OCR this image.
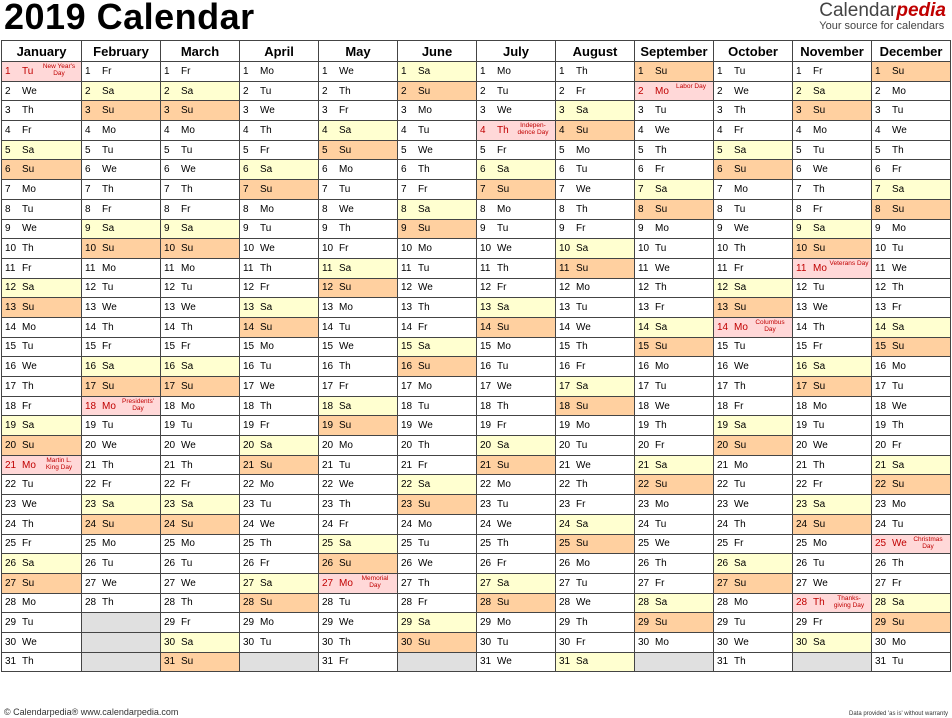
2019 Calendar	Calendarpedia
Your source for calendars
January	February	March	April	May	June	July	August	September	October	November	December
1 Tu New Year's Day	1 Fr	1 Fr	1 Mo	1 We	1 Sa	1 Mo	1 Th	1 Su	1 Tu	1 Fr	1 Su
2 We	2 Sa	2 Sa	2 Tu	2 Th	2 Su	2 Tu	2 Fr	2 Mo Labor Day	2 We	2 Sa	2 Mo
3 Th	3 Su	3 Su	3 We	3 Fr	3 Mo	3 We	3 Sa	3 Tu	3 Th	3 Su	3 Tu
4 Fr	4 Mo	4 Mo	4 Th	4 Sa	4 Tu	4 Th Indepen-dence Day	4 Su	4 We	4 Fr	4 Mo	4 We
5 Sa	5 Tu	5 Tu	5 Fr	5 Su	5 We	5 Fr	5 Mo	5 Th	5 Sa	5 Tu	5 Th
6 Su	6 We	6 We	6 Sa	6 Mo	6 Th	6 Sa	6 Tu	6 Fr	6 Su	6 We	6 Fr
7 Mo	7 Th	7 Th	7 Su	7 Tu	7 Fr	7 Su	7 We	7 Sa	7 Mo	7 Th	7 Sa
8 Tu	8 Fr	8 Fr	8 Mo	8 We	8 Sa	8 Mo	8 Th	8 Su	8 Tu	8 Fr	8 Su
9 We	9 Sa	9 Sa	9 Tu	9 Th	9 Su	9 Tu	9 Fr	9 Mo	9 We	9 Sa	9 Mo
10 Th	10 Su	10 Su	10 We	10 Fr	10 Mo	10 We	10 Sa	10 Tu	10 Th	10 Su	10 Tu
11 Fr	11 Mo	11 Mo	11 Th	11 Sa	11 Tu	11 Th	11 Su	11 We	11 Fr	11 Mo Veterans Day	11 We
12 Sa	12 Tu	12 Tu	12 Fr	12 Su	12 We	12 Fr	12 Mo	12 Th	12 Sa	12 Tu	12 Th
13 Su	13 We	13 We	13 Sa	13 Mo	13 Th	13 Sa	13 Tu	13 Fr	13 Su	13 We	13 Fr
14 Mo	14 Th	14 Th	14 Su	14 Tu	14 Fr	14 Su	14 We	14 Sa	14 Mo Columbus Day	14 Th	14 Sa
15 Tu	15 Fr	15 Fr	15 Mo	15 We	15 Sa	15 Mo	15 Th	15 Su	15 Tu	15 Fr	15 Su
16 We	16 Sa	16 Sa	16 Tu	16 Th	16 Su	16 Tu	16 Fr	16 Mo	16 We	16 Sa	16 Mo
17 Th	17 Su	17 Su	17 We	17 Fr	17 Mo	17 We	17 Sa	17 Tu	17 Th	17 Su	17 Tu
18 Fr	18 Mo Presidents' Day	18 Mo	18 Th	18 Sa	18 Tu	18 Th	18 Su	18 We	18 Fr	18 Mo	18 We
19 Sa	19 Tu	19 Tu	19 Fr	19 Su	19 We	19 Fr	19 Mo	19 Th	19 Sa	19 Tu	19 Th
20 Su	20 We	20 We	20 Sa	20 Mo	20 Th	20 Sa	20 Tu	20 Fr	20 Su	20 We	20 Fr
21 Mo Martin L. King Day	21 Th	21 Th	21 Su	21 Tu	21 Fr	21 Su	21 We	21 Sa	21 Mo	21 Th	21 Sa
22 Tu	22 Fr	22 Fr	22 Mo	22 We	22 Sa	22 Mo	22 Th	22 Su	22 Tu	22 Fr	22 Su
23 We	23 Sa	23 Sa	23 Tu	23 Th	23 Su	23 Tu	23 Fr	23 Mo	23 We	23 Sa	23 Mo
24 Th	24 Su	24 Su	24 We	24 Fr	24 Mo	24 We	24 Sa	24 Tu	24 Th	24 Su	24 Tu
25 Fr	25 Mo	25 Mo	25 Th	25 Sa	25 Tu	25 Th	25 Su	25 We	25 Fr	25 Mo	25 We Christmas Day

26 Sa	26 Tu	26 Tu	26 Fr	26 Su	26 We	26 Fr	26 Mo	26 Th	26 Sa	26 Tu	26 Th
27 Su	27 We	27 We	27 Sa	27 Mo Memorial Day	27 Th	27 Sa	27 Tu	27 Fr	27 Su	27 We	27 Fr
28 Mo	28 Th	28 Th	28 Su	28 Tu	28 Fr	28 Su	28 We	28 Sa	28 Mo	28 Th Thanks-giving Day	28 Sa
29 Tu		29 Fr	29 Mo	29 We	29 Sa	29 Mo	29 Th	29 Su	29 Tu	29 Fr	29 Su
30 We		30 Sa	30 Tu	30 Th	30 Su	30 Tu	30 Fr	30 Mo	30 We	30 Sa	30 Mo
31 Th		31 Su		31 Fr		31 We	31 Sa		31 Th		31 Tu
© Calendarpedia® www.calendarpedia.com	Data provided 'as is' without warranty
